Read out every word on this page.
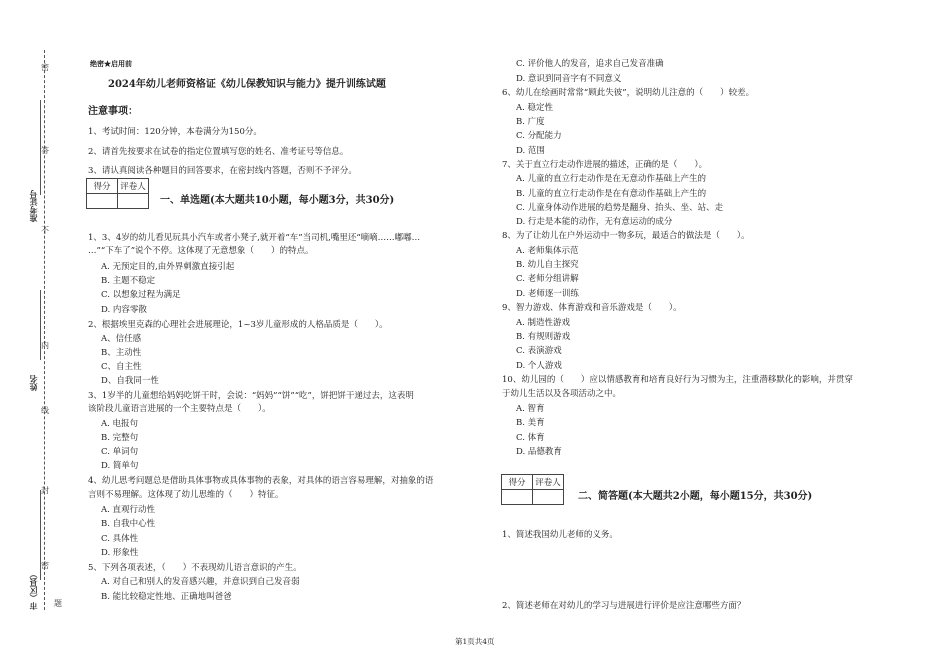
密
答
不
内
线
封
密
题
准考证号
姓名
市（区县）
绝密★启用前
2024年幼儿老师资格证《幼儿保教知识与能力》提升训练试题
注意事项：
1、考试时间：120分钟，本卷满分为150分。
2、请首先按要求在试卷的指定位置填写您的姓名、准考证号等信息。
3、请认真阅读各种题目的回答要求，在密封线内答题，否则不予评分。
得分	评卷人

一、单选题(本大题共10小题，每小题3分，共30分)
1、3、4岁的幼儿看见玩具小汽车或者小凳子,就开着“车”当司机,嘴里还“嘀嘀……嘟嘟…
…”“下车了”说个不停。这体现了无意想象（　　）的特点。
A. 无预定目的,由外界刺激直接引起
B. 主题不稳定
C. 以想象过程为满足
D. 内容零散
2、根据埃里克森的心理社会进展理论，1~3岁儿童形成的人格品质是（　　）。
A、信任感
B、主动性
C、自主性
D、自我同一性
3、1岁半的儿童想给妈妈吃饼干时，会说：“妈妈”“饼”“吃”，饼把饼干递过去，这表明
该阶段儿童语言进展的一个主要特点是（　　）。
A. 电报句
B. 完整句
C. 单词句
D. 简单句
4、幼儿思考问题总是借助具体事物或具体事物的表象，对具体的语言容易理解，对抽象的语
言则不易理解。这体现了幼儿思维的（　　）特征。
A. 直观行动性
B. 自我中心性
C. 具体性
D. 形象性
5、下列各项表述，（　　）不表现幼儿语言意识的产生。
A. 对自己和别人的发音感兴趣，并意识到自己发音弱
B. 能比较稳定性地、正确地叫爸爸
C. 评价他人的发音，追求自己发音准确
D. 意识到同音字有不同意义
6、幼儿在绘画时常常“顾此失彼”，说明幼儿注意的（　　）较差。
A. 稳定性
B. 广度
C. 分配能力
D. 范围
7、关于直立行走动作进展的描述，正确的是（　　）。
A. 儿童的直立行走动作是在无意动作基础上产生的
B. 儿童的直立行走动作是在有意动作基础上产生的
C. 儿童身体动作进展的趋势是翻身、抬头、坐、站、走
D. 行走是本能的动作，无有意运动的成分
8、为了让幼儿在户外运动中一物多玩，最适合的做法是（　　）。
A. 老师集体示范
B. 幼儿自主探究
C. 老师分组讲解
D. 老师逐一训练
9、智力游戏、体育游戏和音乐游戏是（　　）。
A. 制造性游戏
B. 有规则游戏
C. 表演游戏
D. 个人游戏
10、幼儿园的（　　）应以情感教育和培育良好行为习惯为主，注重潜移默化的影响，并贯穿
于幼儿生活以及各项活动之中。
A. 智育
B. 美育
C. 体育
D. 品德教育
得分	评卷人

二、简答题(本大题共2小题，每小题15分，共30分)
1、简述我国幼儿老师的义务。
2、简述老师在对幼儿的学习与进展进行评价是应注意哪些方面？
第1页共4页
